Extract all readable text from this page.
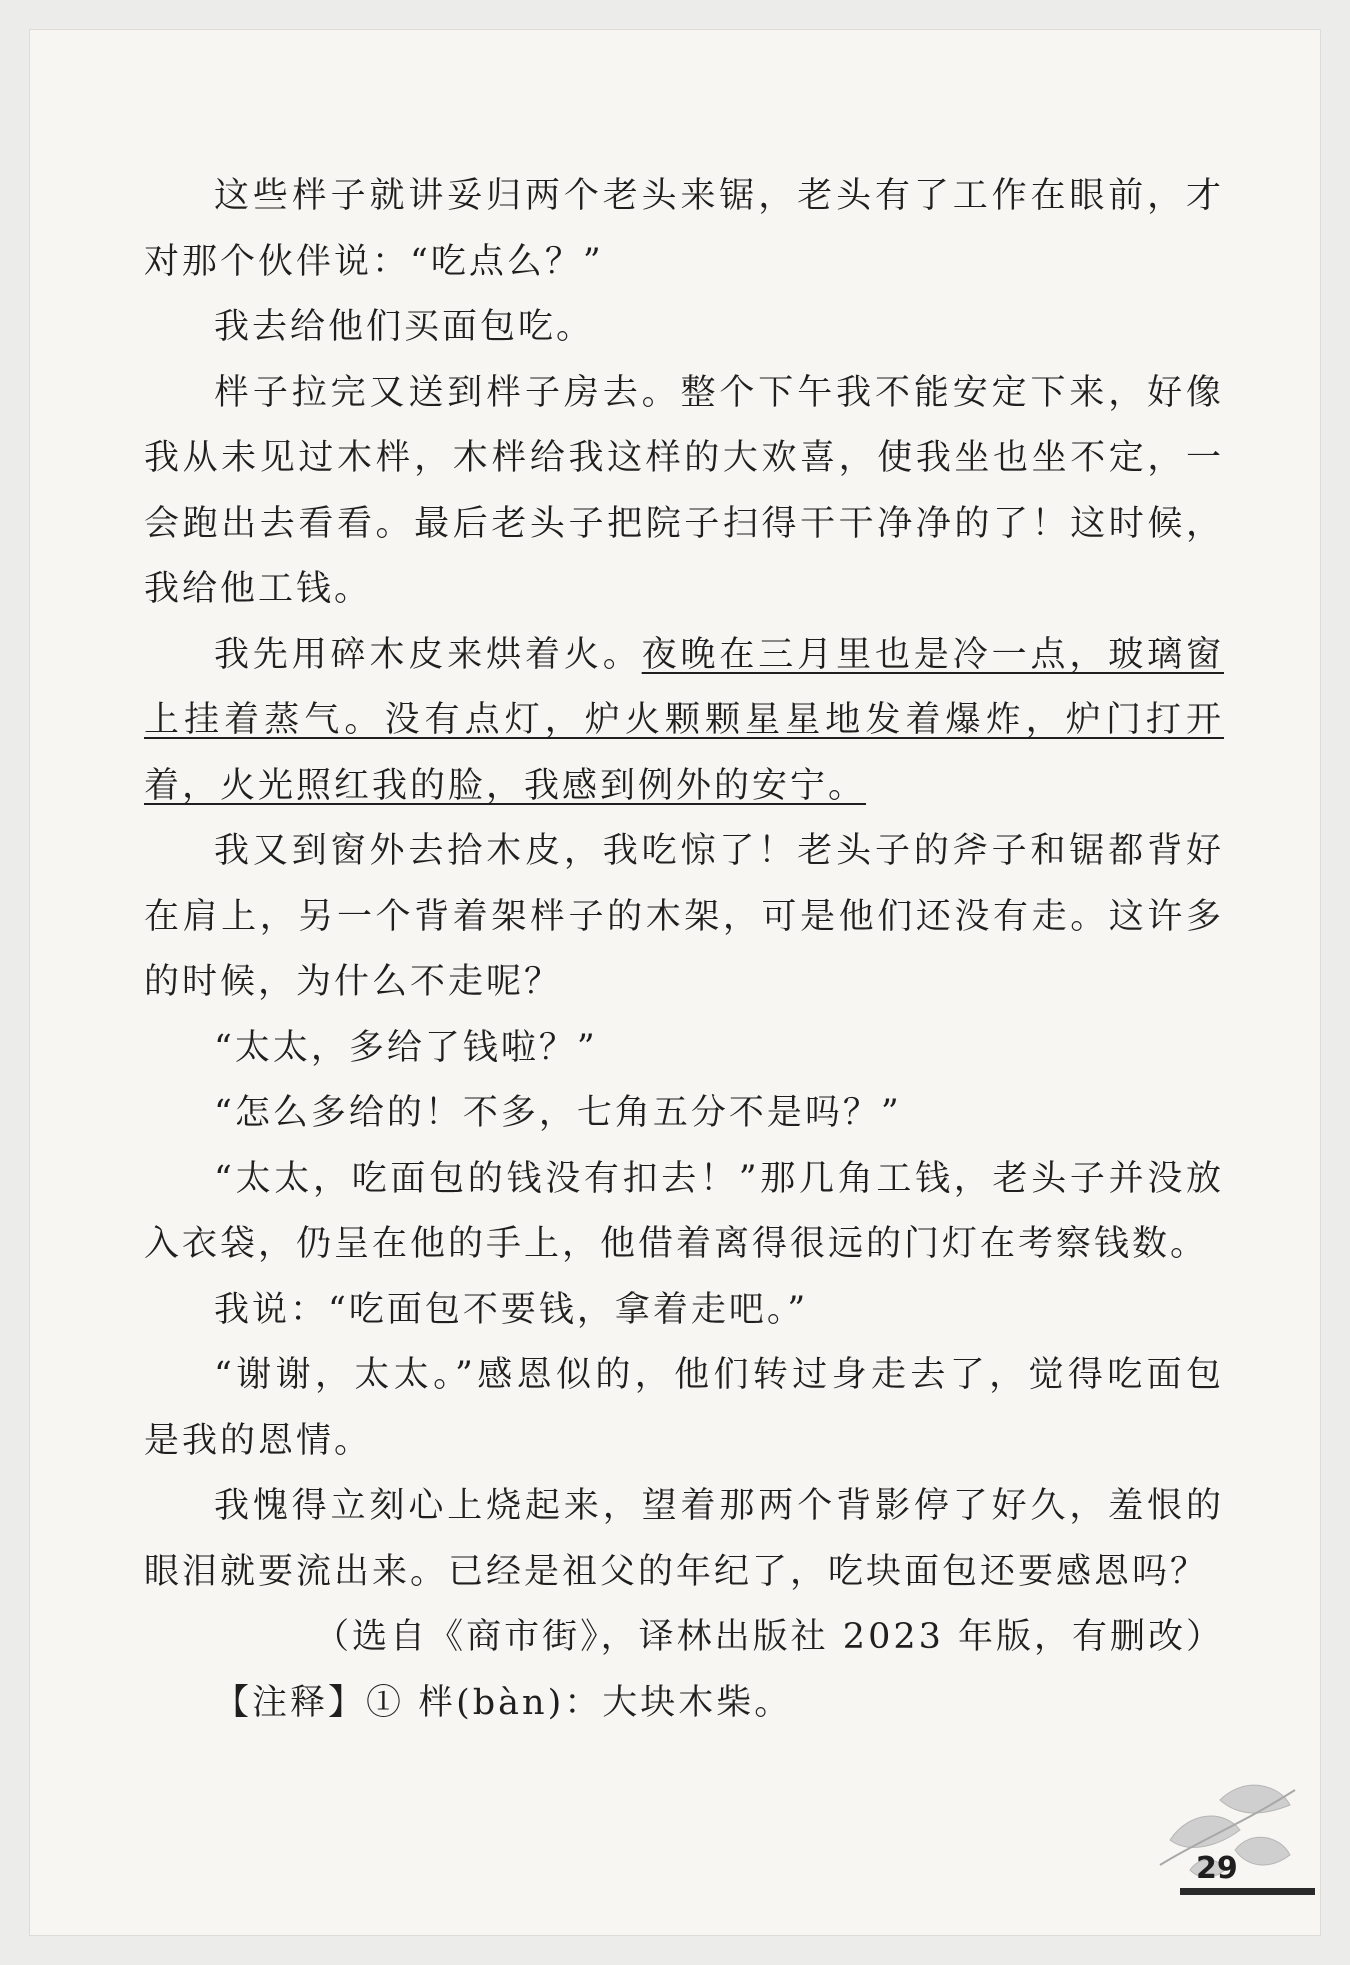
这些柈子就讲妥归两个老头来锯，老头有了工作在眼前，才对那个伙伴说：“吃点么？”

我去给他们买面包吃。

柈子拉完又送到柈子房去。整个下午我不能安定下来，好像我从未见过木柈，木柈给我这样的大欢喜，使我坐也坐不定，一会跑出去看看。最后老头子把院子扫得干干净净的了！这时候，我给他工钱。

我先用碎木皮来烘着火。夜晚在三月里也是冷一点，玻璃窗上挂着蒸气。没有点灯，炉火颗颗星星地发着爆炸，炉门打开着，火光照红我的脸，我感到例外的安宁。

我又到窗外去拾木皮，我吃惊了！老头子的斧子和锯都背好在肩上，另一个背着架柈子的木架，可是他们还没有走。这许多的时候，为什么不走呢？

“太太，多给了钱啦？”

“怎么多给的！不多，七角五分不是吗？”

“太太，吃面包的钱没有扣去！”那几角工钱，老头子并没放入衣袋，仍呈在他的手上，他借着离得很远的门灯在考察钱数。

我说：“吃面包不要钱，拿着走吧。”

“谢谢，太太。”感恩似的，他们转过身走去了，觉得吃面包是我的恩情。

我愧得立刻心上烧起来，望着那两个背影停了好久，羞恨的眼泪就要流出来。已经是祖父的年纪了，吃块面包还要感恩吗？

（选自《商市街》，译林出版社 2023 年版，有删改）

【注释】① 柈(bàn)：大块木柴。

29
